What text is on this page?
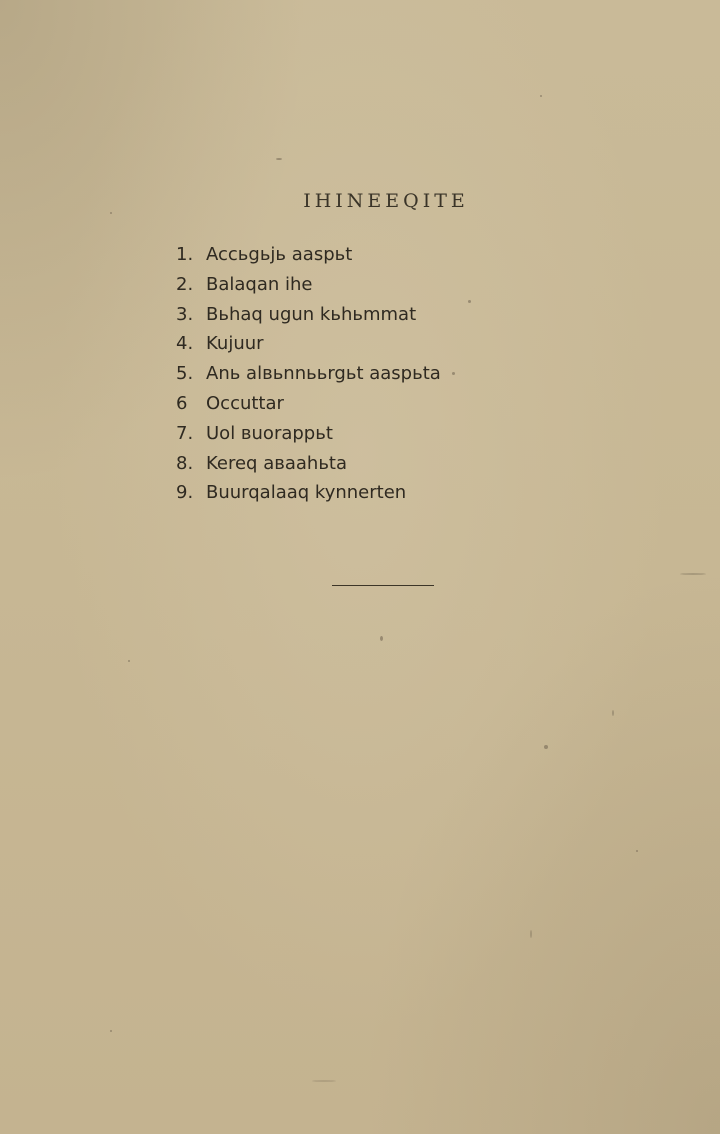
IHINEEQITE
1. Accьgьjь aaspьt
2. Balaqan ihe
3. Bьhaq ugun kьhьmmat
4. Kujuur
5. Anь alвьnnььrgьt aaspьta
6 Occuttar
7. Uol вuorappьt
8. Kereq aвaahьta
9. Buurqalaaq kynnerten
